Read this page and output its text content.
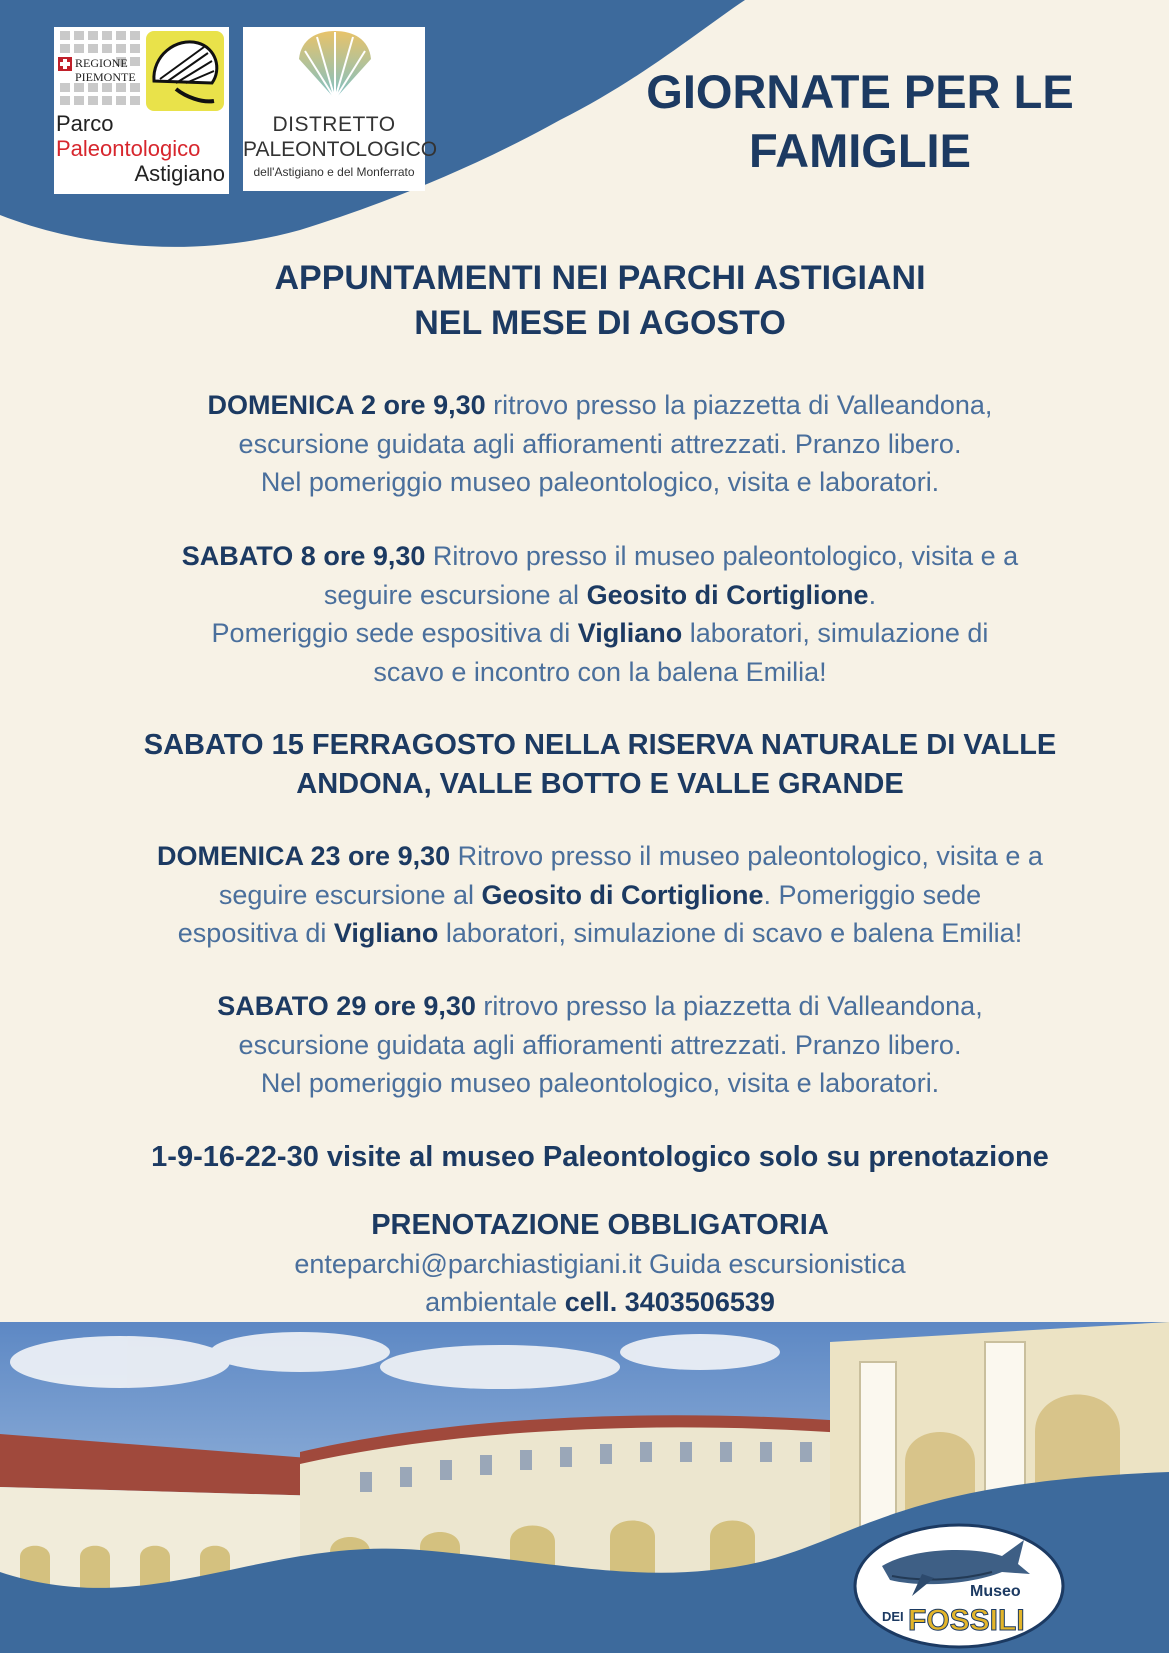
REGIONE
PIEMONTE
Parco
Paleontologico
Astigiano
DISTRETTO
PALEONTOLOGICO
dell'Astigiano e del Monferrato
GIORNATE PER LE
FAMIGLIE
APPUNTAMENTI NEI PARCHI ASTIGIANI
NEL MESE DI AGOSTO
DOMENICA 2 ore 9,30 ritrovo presso la piazzetta di Valleandona,
escursione guidata agli affioramenti attrezzati. Pranzo libero.
Nel pomeriggio museo paleontologico, visita e laboratori.
SABATO 8 ore 9,30 Ritrovo presso il museo paleontologico, visita e a
seguire escursione al Geosito di Cortiglione.
Pomeriggio sede espositiva di Vigliano laboratori, simulazione di
scavo e incontro con la balena Emilia!
SABATO 15 FERRAGOSTO NELLA RISERVA NATURALE DI VALLE
ANDONA, VALLE BOTTO E VALLE GRANDE
DOMENICA 23 ore 9,30 Ritrovo presso il museo paleontologico, visita e a
seguire escursione al Geosito di Cortiglione. Pomeriggio sede
espositiva di Vigliano laboratori, simulazione di scavo e balena Emilia!
SABATO 29 ore 9,30 ritrovo presso la piazzetta di Valleandona,
escursione guidata agli affioramenti attrezzati. Pranzo libero.
Nel pomeriggio museo paleontologico, visita e laboratori.
1-9-16-22-30 visite al museo Paleontologico solo su prenotazione
PRENOTAZIONE OBBLIGATORIA
enteparchi@parchiastigiani.it Guida escursionistica
ambientale cell. 3403506539
Museo
DEI FOSSILI
